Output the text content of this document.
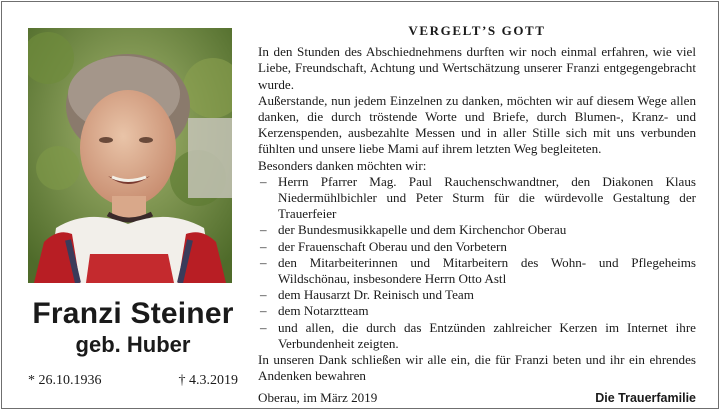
Franzi Steiner
geb. Huber
* 26.10.1936	† 4.3.2019
VERGELT’S GOTT

In den Stunden des Abschiednehmens durften wir noch einmal erfahren, wie viel Liebe, Freundschaft, Achtung und Wertschätzung unserer Franzi entgegengebracht wurde.

Außerstande, nun jedem Einzelnen zu danken, möchten wir auf diesem Wege allen danken, die durch tröstende Worte und Briefe, durch Blumen-, Kranz- und Kerzenspenden, ausbezahlte Messen und in aller Stille sich mit uns verbunden fühlten und unsere liebe Mami auf ihrem letzten Weg begleiteten.

Besonders danken möchten wir:

– Herrn Pfarrer Mag. Paul Rauchenschwandtner, den Diakonen Klaus Niedermühlbichler und Peter Sturm für die würdevolle Gestaltung der Trauerfeier
– der Bundesmusikkapelle und dem Kirchenchor Oberau
– der Frauenschaft Oberau und den Vorbetern
– den Mitarbeiterinnen und Mitarbeitern des Wohn- und Pflegeheims Wildschönau, insbesondere Herrn Otto Astl
– dem Hausarzt Dr. Reinisch und Team
– dem Notarztteam
– und allen, die durch das Entzünden zahlreicher Kerzen im Internet ihre Verbundenheit zeigten.

In unseren Dank schließen wir alle ein, die für Franzi beten und ihr ein ehrendes Andenken bewahren

Oberau, im März 2019	Die Trauerfamilie
